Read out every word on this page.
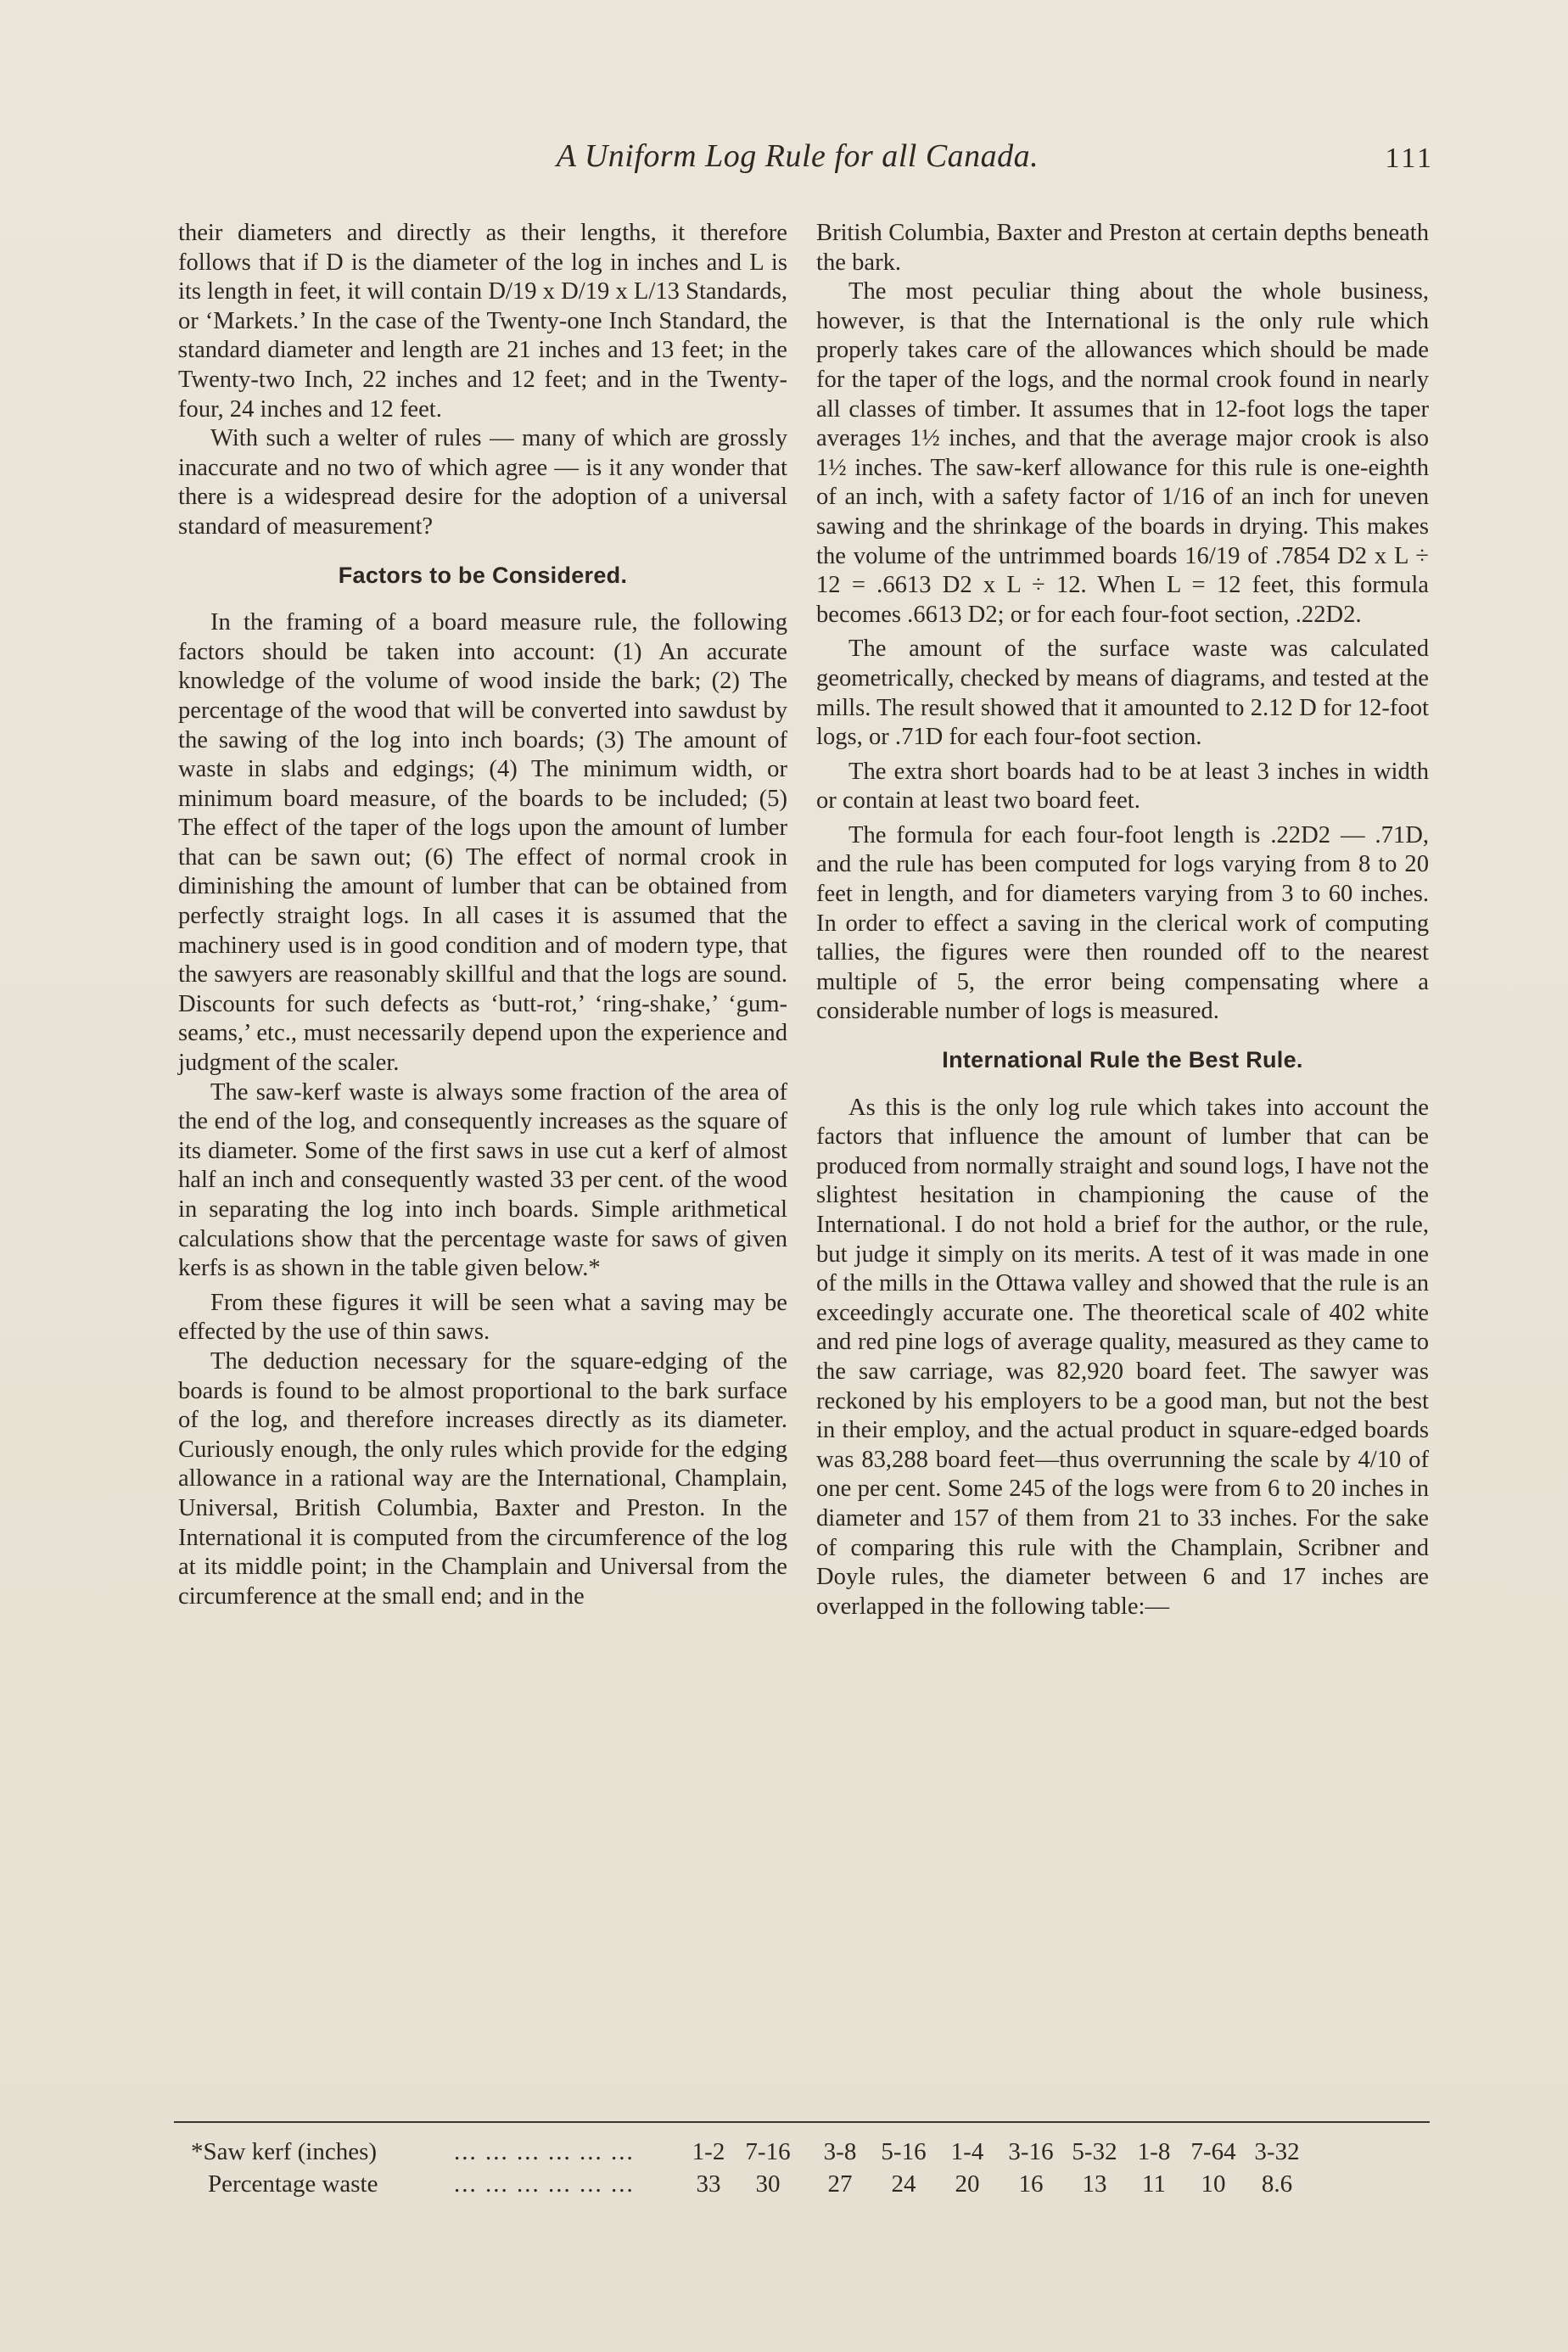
A Uniform Log Rule for all Canada.	111

their diameters and directly as their lengths, it therefore follows that if D is the diameter of the log in inches and L is its length in feet, it will contain D/19 x D/19 x L/13 Standards, or ‘Markets.’ In the case of the Twenty-one Inch Standard, the standard diameter and length are 21 inches and 13 feet; in the Twenty-two Inch, 22 inches and 12 feet; and in the Twenty-four, 24 inches and 12 feet.

With such a welter of rules — many of which are grossly inaccurate and no two of which agree — is it any wonder that there is a widespread desire for the adoption of a universal standard of measurement?

Factors to be Considered.

In the framing of a board measure rule, the following factors should be taken into account: (1) An accurate knowledge of the volume of wood inside the bark; (2) The percentage of the wood that will be converted into sawdust by the sawing of the log into inch boards; (3) The amount of waste in slabs and edgings; (4) The minimum width, or minimum board measure, of the boards to be included; (5) The effect of the taper of the logs upon the amount of lumber that can be sawn out; (6) The effect of normal crook in diminishing the amount of lumber that can be obtained from perfectly straight logs. In all cases it is assumed that the machinery used is in good condition and of modern type, that the sawyers are reasonably skillful and that the logs are sound. Discounts for such defects as ‘butt-rot,’ ‘ring-shake,’ ‘gum-seams,’ etc., must necessarily depend upon the experience and judgment of the scaler.

The saw-kerf waste is always some fraction of the area of the end of the log, and consequently increases as the square of its diameter. Some of the first saws in use cut a kerf of almost half an inch and consequently wasted 33 per cent. of the wood in separating the log into inch boards. Simple arithmetical calculations show that the percentage waste for saws of given kerfs is as shown in the table given below.*

From these figures it will be seen what a saving may be effected by the use of thin saws.

The deduction necessary for the square-edging of the boards is found to be almost proportional to the bark surface of the log, and therefore increases directly as its diameter. Curiously enough, the only rules which provide for the edging allowance in a rational way are the International, Champlain, Universal, British Columbia, Baxter and Preston. In the International it is computed from the circumference of the log at its middle point; in the Champlain and Universal from the circumference at the small end; and in the

British Columbia, Baxter and Preston at certain depths beneath the bark.

The most peculiar thing about the whole business, however, is that the International is the only rule which properly takes care of the allowances which should be made for the taper of the logs, and the normal crook found in nearly all classes of timber. It assumes that in 12-foot logs the taper averages 1½ inches, and that the average major crook is also 1½ inches. The saw-kerf allowance for this rule is one-eighth of an inch, with a safety factor of 1/16 of an inch for uneven sawing and the shrinkage of the boards in drying. This makes the volume of the untrimmed boards 16/19 of .7854 D2 x L ÷ 12 = .6613 D2 x L ÷ 12. When L = 12 feet, this formula becomes .6613 D2; or for each four-foot section, .22D2.

The amount of the surface waste was calculated geometrically, checked by means of diagrams, and tested at the mills. The result showed that it amounted to 2.12 D for 12-foot logs, or .71D for each four-foot section.

The extra short boards had to be at least 3 inches in width or contain at least two board feet.

The formula for each four-foot length is .22D2 — .71D, and the rule has been computed for logs varying from 8 to 20 feet in length, and for diameters varying from 3 to 60 inches. In order to effect a saving in the clerical work of computing tallies, the figures were then rounded off to the nearest multiple of 5, the error being compensating where a considerable number of logs is measured.

International Rule the Best Rule.

As this is the only log rule which takes into account the factors that influence the amount of lumber that can be produced from normally straight and sound logs, I have not the slightest hesitation in championing the cause of the International. I do not hold a brief for the author, or the rule, but judge it simply on its merits. A test of it was made in one of the mills in the Ottawa valley and showed that the rule is an exceedingly accurate one. The theoretical scale of 402 white and red pine logs of average quality, measured as they came to the saw carriage, was 82,920 board feet. The sawyer was reckoned by his employers to be a good man, but not the best in their employ, and the actual product in square-edged boards was 83,288 board feet—thus overrunning the scale by 4/10 of one per cent. Some 245 of the logs were from 6 to 20 inches in diameter and 157 of them from 21 to 33 inches. For the sake of comparing this rule with the Champlain, Scribner and Doyle rules, the diameter between 6 and 17 inches are overlapped in the following table:—

*Saw kerf (inches)	... ... ... ... ... ...	1-2 7-16	3-8	5-16	1-4	3-16 5-32 1-8 7-64 3-32
Percentage waste	... ... ... ... ... ...	33	30	27	24	20	16	13	11	10	8.6
